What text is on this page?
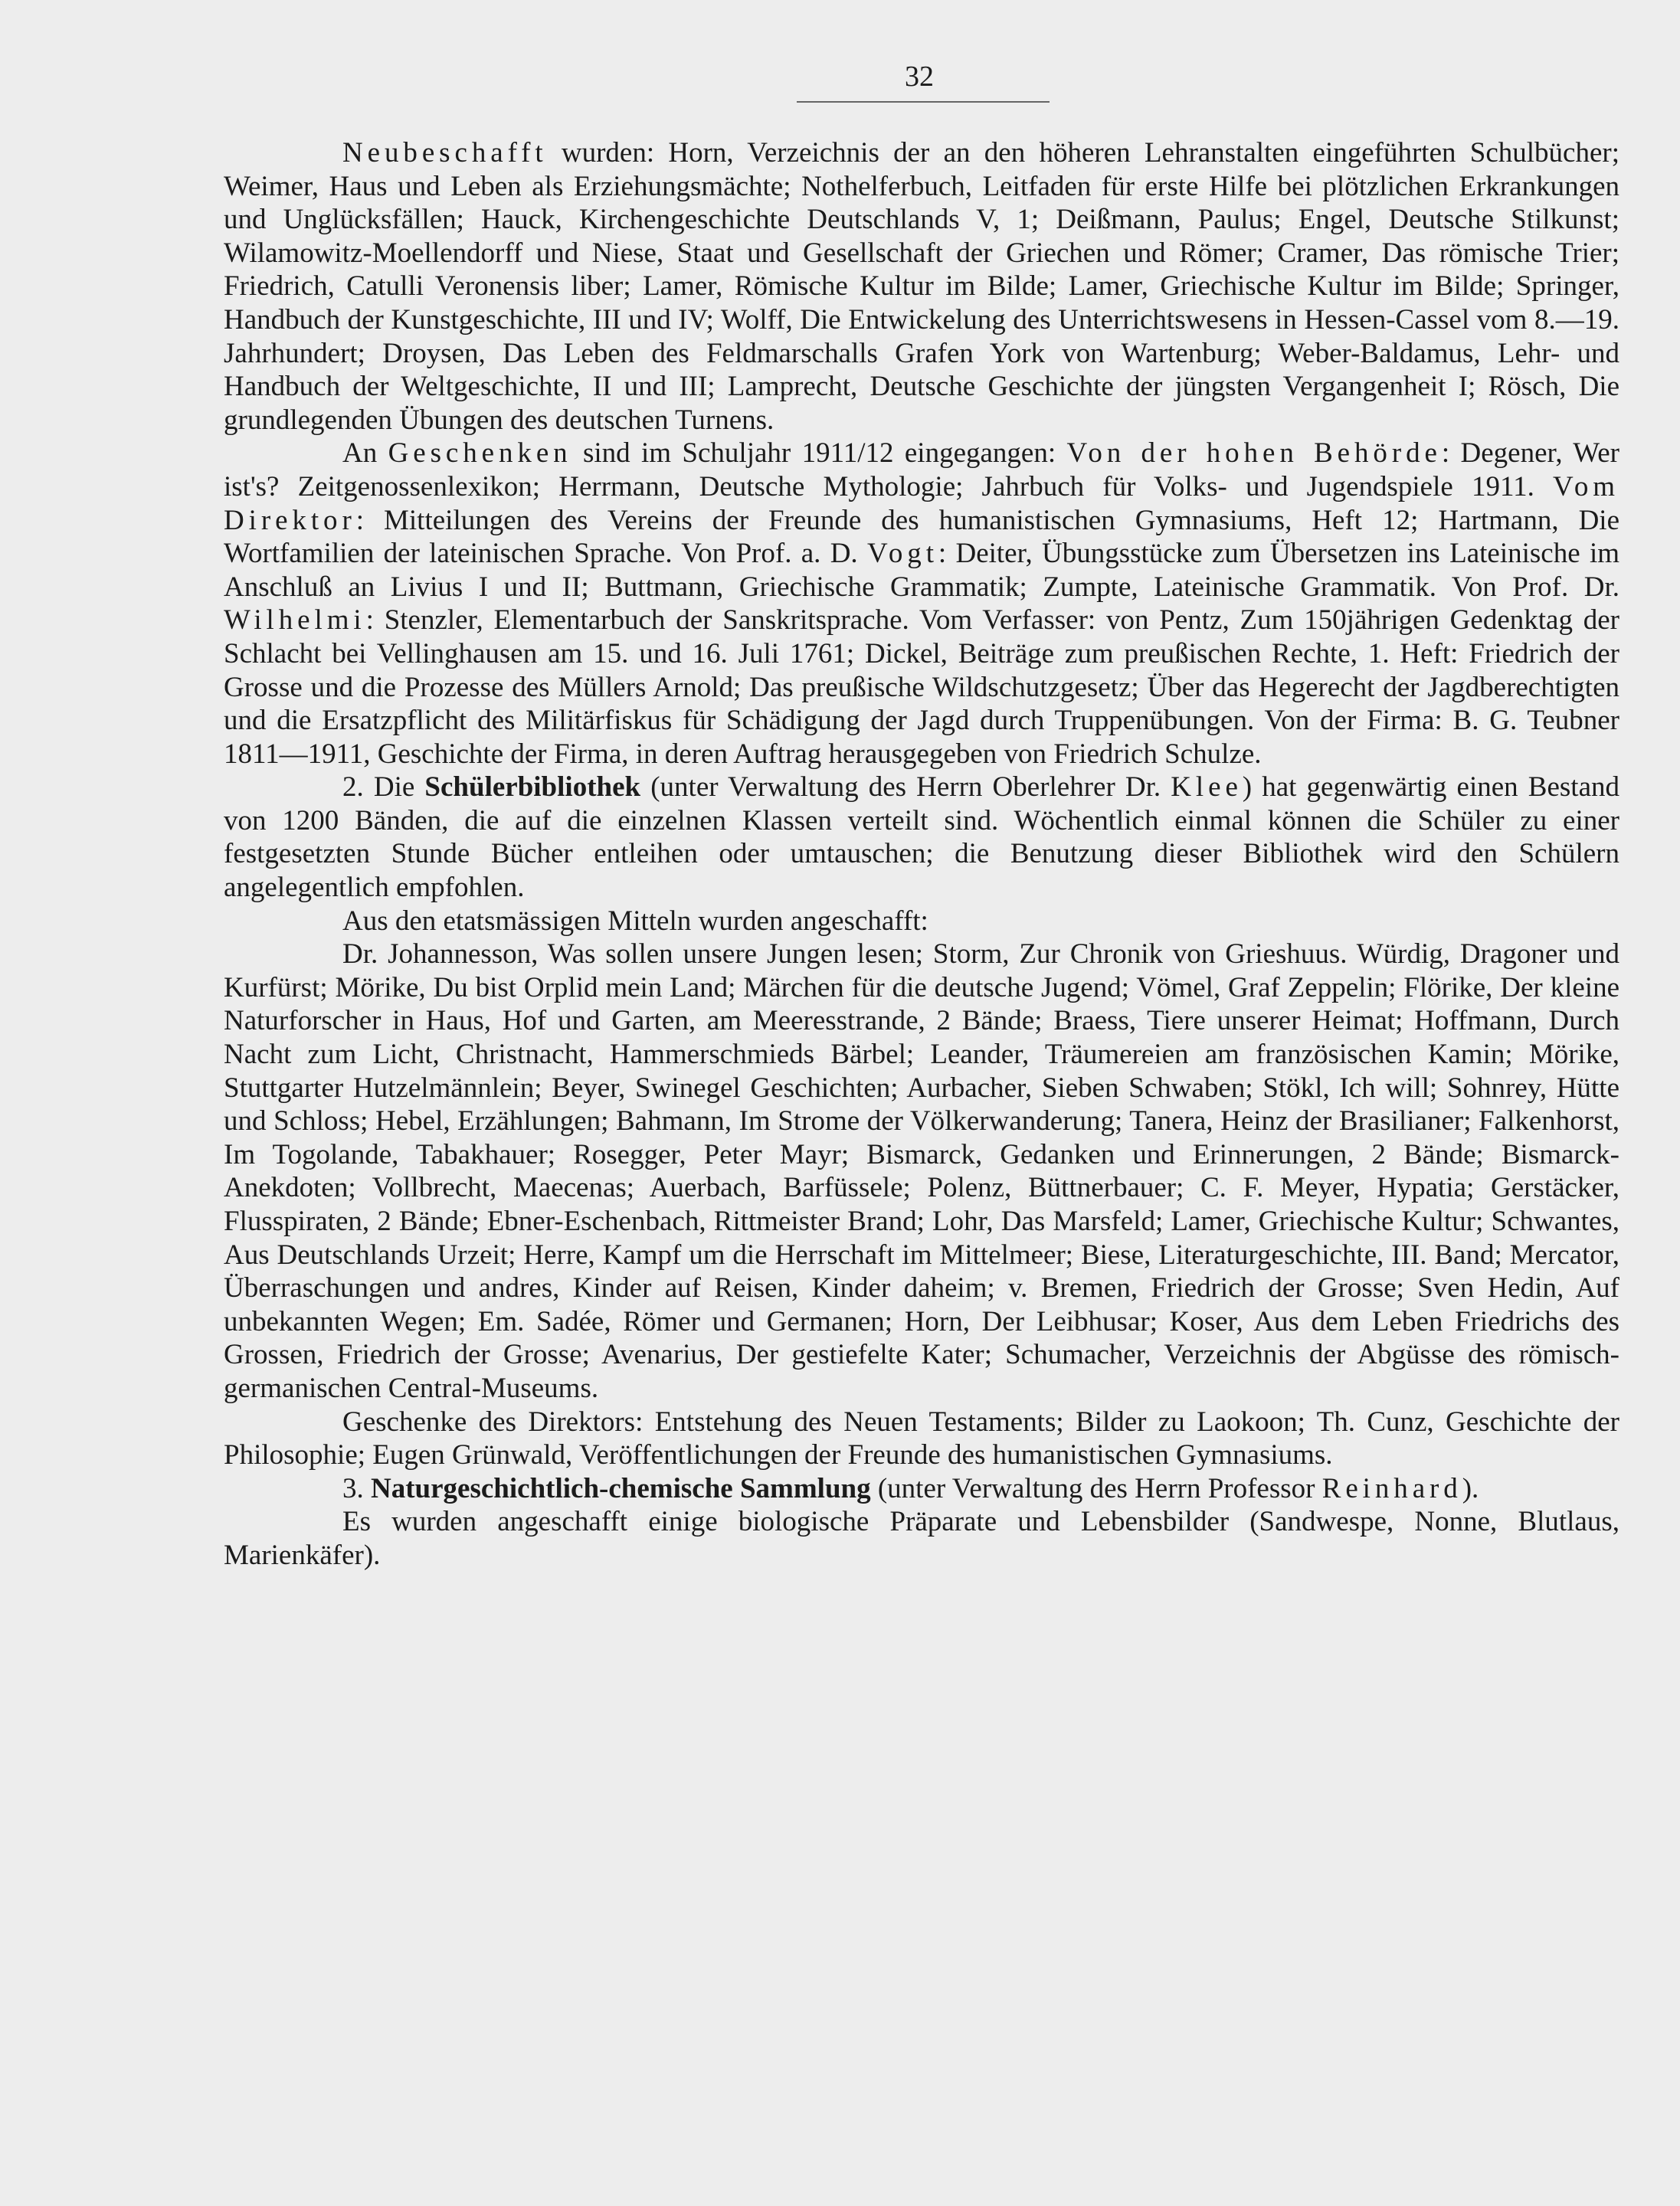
32

Neubeschafft wurden: Horn, Verzeichnis der an den höheren Lehranstalten eingeführten Schulbücher; Weimer, Haus und Leben als Erziehungsmächte; Nothelferbuch, Leitfaden für erste Hilfe bei plötzlichen Erkrankungen und Unglücksfällen; Hauck, Kirchengeschichte Deutschlands V, 1; Deißmann, Paulus; Engel, Deutsche Stilkunst; Wilamowitz-Moellendorff und Niese, Staat und Gesellschaft der Griechen und Römer; Cramer, Das römische Trier; Friedrich, Catulli Veronensis liber; Lamer, Römische Kultur im Bilde; Lamer, Griechische Kultur im Bilde; Springer, Handbuch der Kunstgeschichte, III und IV; Wolff, Die Entwickelung des Unterrichtswesens in Hessen-Cassel vom 8.—19. Jahrhundert; Droysen, Das Leben des Feldmarschalls Grafen York von Wartenburg; Weber-Baldamus, Lehr- und Handbuch der Weltgeschichte, II und III; Lamprecht, Deutsche Geschichte der jüngsten Vergangenheit I; Rösch, Die grundlegenden Übungen des deutschen Turnens.

An Geschenken sind im Schuljahr 1911/12 eingegangen: Von der hohen Behörde: Degener, Wer ist's? Zeitgenossenlexikon; Herrmann, Deutsche Mythologie; Jahrbuch für Volks- und Jugendspiele 1911. Vom Direktor: Mitteilungen des Vereins der Freunde des humanistischen Gymnasiums, Heft 12; Hartmann, Die Wortfamilien der lateinischen Sprache. Von Prof. a. D. Vogt: Deiter, Übungsstücke zum Übersetzen ins Lateinische im Anschluß an Livius I und II; Buttmann, Griechische Grammatik; Zumpte, Lateinische Grammatik. Von Prof. Dr. Wilhelmi: Stenzler, Elementarbuch der Sanskritsprache. Vom Verfasser: von Pentz, Zum 150jährigen Gedenktag der Schlacht bei Vellinghausen am 15. und 16. Juli 1761; Dickel, Beiträge zum preußischen Rechte, 1. Heft: Friedrich der Grosse und die Prozesse des Müllers Arnold; Das preußische Wildschutzgesetz; Über das Hegerecht der Jagdberechtigten und die Ersatzpflicht des Militärfiskus für Schädigung der Jagd durch Truppenübungen. Von der Firma: B. G. Teubner 1811—1911, Geschichte der Firma, in deren Auftrag herausgegeben von Friedrich Schulze.

2. Die Schülerbibliothek (unter Verwaltung des Herrn Oberlehrer Dr. Klee) hat gegenwärtig einen Bestand von 1200 Bänden, die auf die einzelnen Klassen verteilt sind. Wöchentlich einmal können die Schüler zu einer festgesetzten Stunde Bücher entleihen oder umtauschen; die Benutzung dieser Bibliothek wird den Schülern angelegentlich empfohlen.

Aus den etatsmässigen Mitteln wurden angeschafft:

Dr. Johannesson, Was sollen unsere Jungen lesen; Storm, Zur Chronik von Grieshuus. Würdig, Dragoner und Kurfürst; Mörike, Du bist Orplid mein Land; Märchen für die deutsche Jugend; Vömel, Graf Zeppelin; Flörike, Der kleine Naturforscher in Haus, Hof und Garten, am Meeresstrande, 2 Bände; Braess, Tiere unserer Heimat; Hoffmann, Durch Nacht zum Licht, Christnacht, Hammerschmieds Bärbel; Leander, Träumereien am französischen Kamin; Mörike, Stuttgarter Hutzelmännlein; Beyer, Swinegel Geschichten; Aurbacher, Sieben Schwaben; Stökl, Ich will; Sohnrey, Hütte und Schloss; Hebel, Erzählungen; Bahmann, Im Strome der Völkerwanderung; Tanera, Heinz der Brasilianer; Falkenhorst, Im Togolande, Tabakhauer; Rosegger, Peter Mayr; Bismarck, Gedanken und Erinnerungen, 2 Bände; Bismarck-Anekdoten; Vollbrecht, Maecenas; Auerbach, Barfüssele; Polenz, Büttnerbauer; C. F. Meyer, Hypatia; Gerstäcker, Flusspiraten, 2 Bände; Ebner-Eschenbach, Rittmeister Brand; Lohr, Das Marsfeld; Lamer, Griechische Kultur; Schwantes, Aus Deutschlands Urzeit; Herre, Kampf um die Herrschaft im Mittelmeer; Biese, Literaturgeschichte, III. Band; Mercator, Überraschungen und andres, Kinder auf Reisen, Kinder daheim; v. Bremen, Friedrich der Grosse; Sven Hedin, Auf unbekannten Wegen; Em. Sadée, Römer und Germanen; Horn, Der Leibhusar; Koser, Aus dem Leben Friedrichs des Grossen, Friedrich der Grosse; Avenarius, Der gestiefelte Kater; Schumacher, Verzeichnis der Abgüsse des römisch-germanischen Central-Museums.

Geschenke des Direktors: Entstehung des Neuen Testaments; Bilder zu Laokoon; Th. Cunz, Geschichte der Philosophie; Eugen Grünwald, Veröffentlichungen der Freunde des humanistischen Gymnasiums.

3. Naturgeschichtlich-chemische Sammlung (unter Verwaltung des Herrn Professor Reinhard).

Es wurden angeschafft einige biologische Präparate und Lebensbilder (Sandwespe, Nonne, Blutlaus, Marienkäfer).
